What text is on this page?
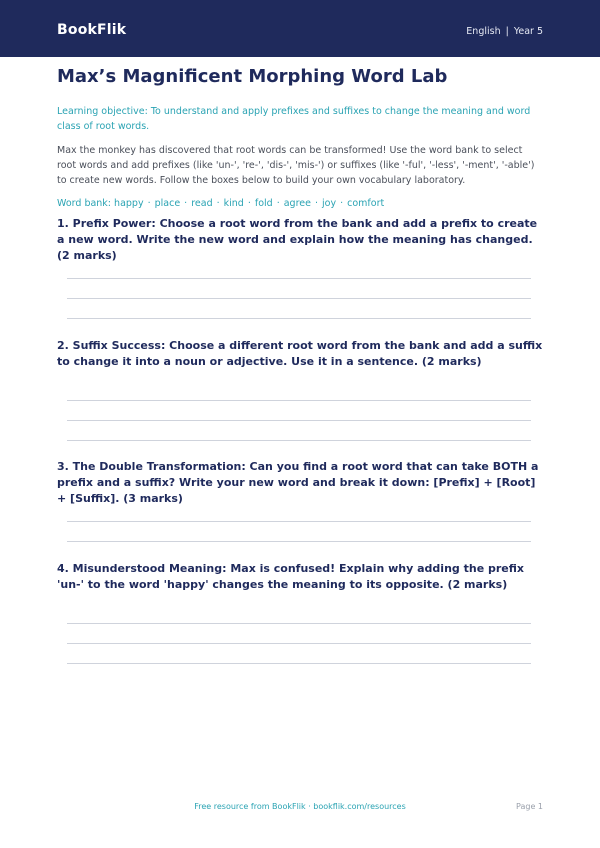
BookFlik	English | Year 5
Max’s Magnificent Morphing Word Lab

Learning objective: To understand and apply prefixes and suffixes to change the meaning and word class of root words.

Max the monkey has discovered that root words can be transformed! Use the word bank to select root words and add prefixes (like 'un-', 're-', 'dis-', 'mis-') or suffixes (like '-ful', '-less', '-ment', '-able') to create new words. Follow the boxes below to build your own vocabulary laboratory.

Word bank: happy · place · read · kind · fold · agree · joy · comfort

1. Prefix Power: Choose a root word from the bank and add a prefix to create a new word. Write the new word and explain how the meaning has changed. (2 marks)

2. Suffix Success: Choose a different root word from the bank and add a suffix to change it into a noun or adjective. Use it in a sentence. (2 marks)

3. The Double Transformation: Can you find a root word that can take BOTH a prefix and a suffix? Write your new word and break it down: [Prefix] + [Root] + [Suffix]. (3 marks)

4. Misunderstood Meaning: Max is confused! Explain why adding the prefix 'un-' to the word 'happy' changes the meaning to its opposite. (2 marks)

Free resource from BookFlik · bookflik.com/resources	Page 1
